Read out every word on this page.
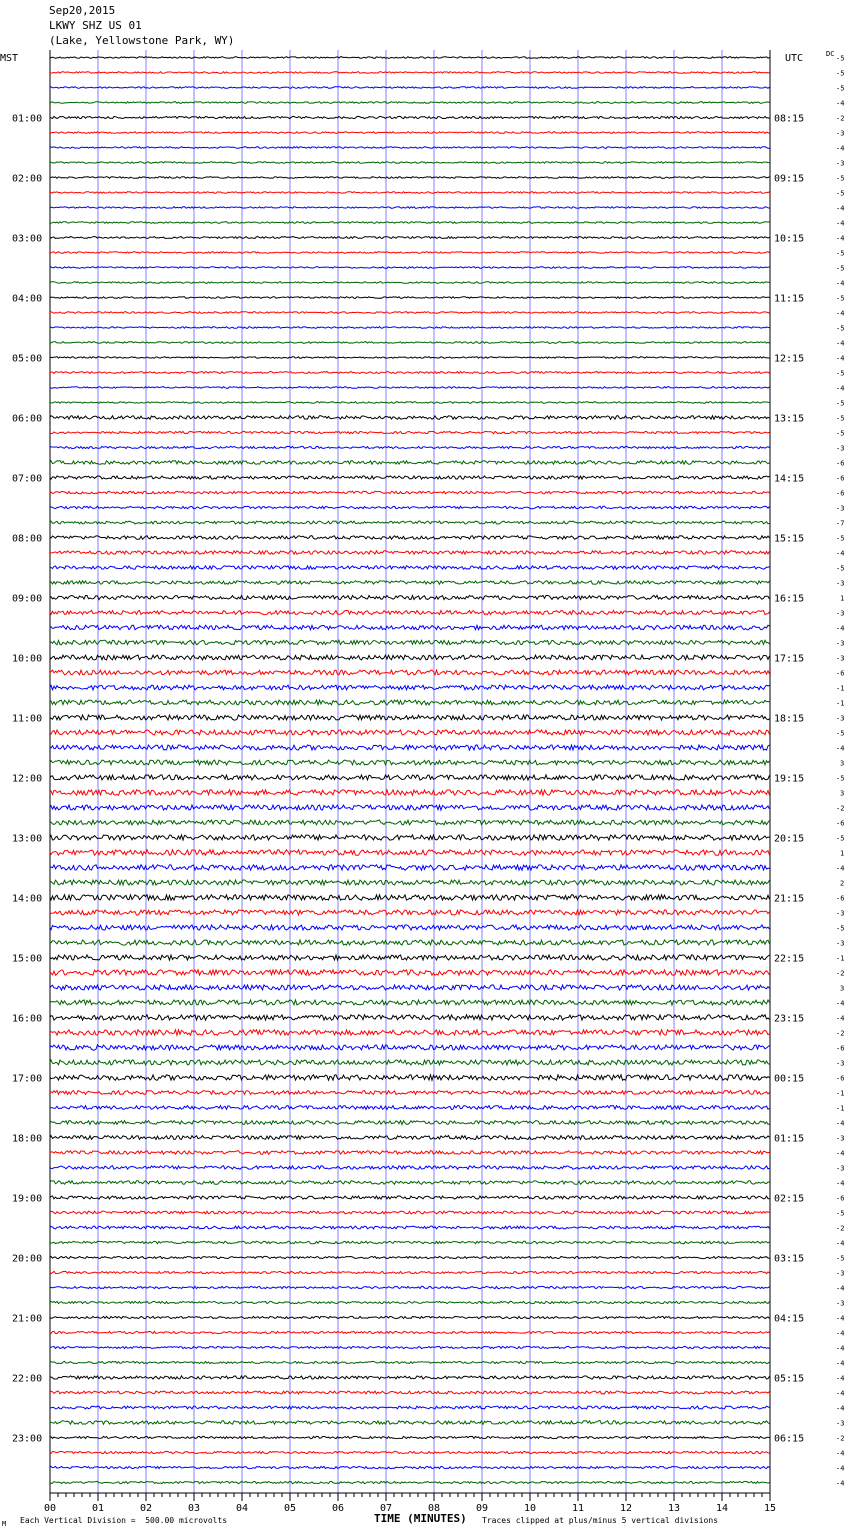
Sep20,2015
LKWY SHZ US 01
(Lake, Yellowstone Park, WY)
01:00
02:00
03:00
04:00
05:00
06:00
07:00
08:00
09:00
10:00
11:00
12:00
13:00
14:00
15:00
16:00
17:00
18:00
19:00
20:00
21:00
22:00
23:00
08:15
09:15
10:15
11:15
12:15
13:15
14:15
15:15
16:15
17:15
18:15
19:15
20:15
21:15
22:15
23:15
00:15
01:15
02:15
03:15
04:15
05:15
06:15
-5
-5
-5
-4
-2
-3
-4
-3
-5
-5
-4
-4
-4
-5
-5
-4
-5
-4
-5
-4
-4
-5
-4
-5
-5
-5
-3
-6
-6
-6
-3
-7
-5
-4
-5
-3
1
-3
-4
-3
-3
-6
-1
-1
-3
-5
-4
3
-5
3
-2
-6
-5
1
-4
2
-6
-3
-5
-3
-1
-2
3
-4
-4
-2
-6
-3
-6
-1
-1
-4
-3
-4
-3
-4
-6
-5
-2
-4
-5
-3
-4
-3
-4
-4
-4
-4
-4
-4
-4
-3
-2
-4
-4
-4
00	01	02	03	04	05	06	07	08	09	10	11	12	13	14	15
MST	UTC	DC
M Each Vertical Division =  500.00 microvolts	TIME (MINUTES) Traces clipped at plus/minus 5 vertical divisions
